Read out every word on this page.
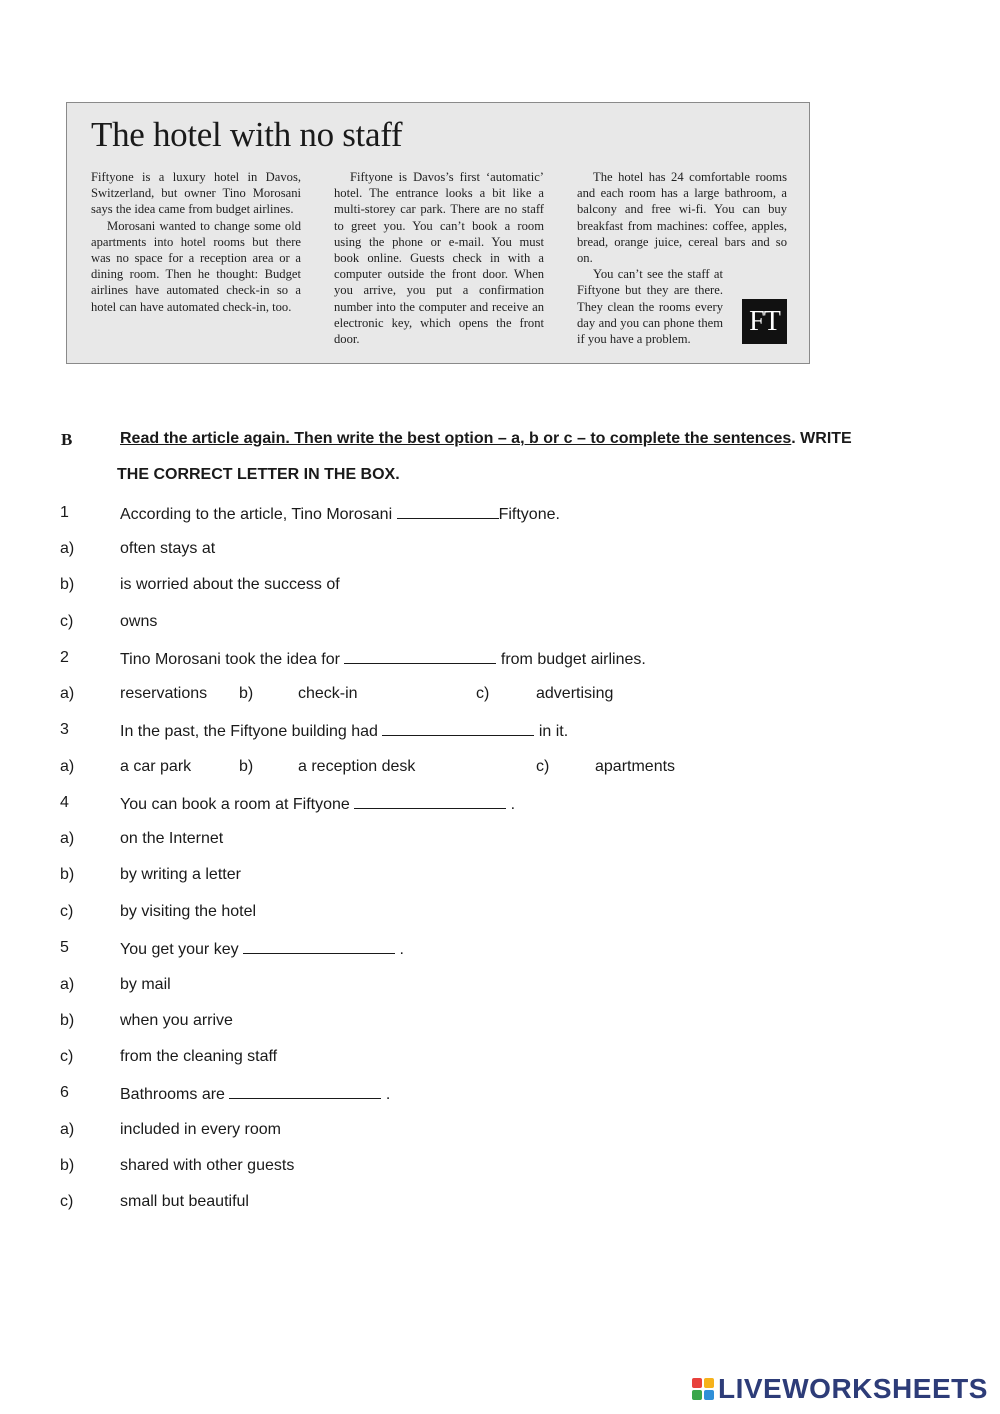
The hotel with no staff

Fiftyone is a luxury hotel in Davos, Switzerland, but owner Tino Morosani says the idea came from budget airlines.

Morosani wanted to change some old apartments into hotel rooms but there was no space for a reception area or a dining room. Then he thought: Budget airlines have automated check-in so a hotel can have automated check-in, too.

Fiftyone is Davos’s first ‘automatic’ hotel. The entrance looks a bit like a multi-storey car park. There are no staff to greet you. You can’t book a room using the phone or e-mail. You must book online. Guests check in with a computer outside the front door. When you arrive, you put a confirmation number into the computer and receive an electronic key, which opens the front door.

The hotel has 24 comfortable rooms and each room has a large bathroom, a balcony and free wi-fi. You can buy breakfast from machines: coffee, apples, bread, orange juice, cereal bars and so on.

You can’t see the staff at Fiftyone but they are there. They clean the rooms every day and you can phone them if you have a problem.

FT
B	Read the article again. Then write the best option – a, b or c – to complete the sentences. WRITE
THE CORRECT LETTER IN THE BOX.
1	According to the article, Tino Morosani	Fiftyone.
a)	often stays at
b)	is worried about the success of
c)	owns
2	Tino Morosani took the idea for	from budget airlines.
a)	reservations b)	check-in	c)	advertising
3	In the past, the Fiftyone building had	in it.
a)	a car park	b)	a reception desk	c)	apartments
4	You can book a room at Fiftyone	.
a)	on the Internet
b)	by writing a letter
c)	by visiting the hotel
5	You get your key	.
a)	by mail
b)	when you arrive
c)	from the cleaning staff
6	Bathrooms are	.
a)	included in every room
b)	shared with other guests
c)	small but beautiful
LIVEWORKSHEETS
